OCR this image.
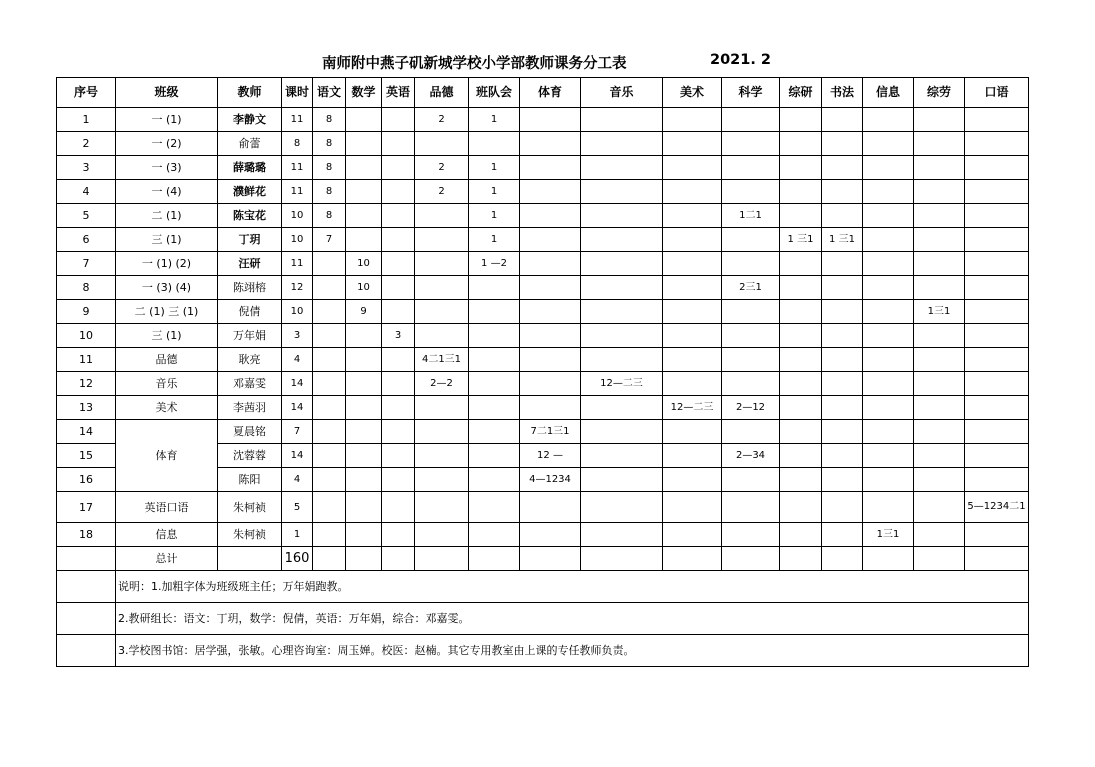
南师附中燕子矶新城学校小学部教师课务分工表	2021. 2
序号	班级	教师	课时	语文	数学	英语	品德	班队会	体育	音乐	美术	科学	综研	书法	信息	综劳	口语
1	一 (1)	李静文	11	8			2	1									
2	一 (2)	俞蕾	8	8													
3	一 (3)	薛璐璐	11	8			2	1									
4	一 (4)	濮鲜花	11	8			2	1									
5	二 (1)	陈宝花	10	8				1				1二1					
6	三 (1)	丁玥	10	7				1					1 三1	1 三1			
7	一 (1) (2)	汪研	11		10			1 —2									
8	一 (3) (4)	陈翊榕	12		10							2三1					
9	二 (1) 三 (1)	倪倩	10		9											1三1	
10	三 (1)	万年娟	3			3											
11	品德	耿亮	4				4二1三1										
12	音乐	邓嘉雯	14				2—2			12—二三							
13	美术	李茜羽	14								12—二三	2—12					
14	体育	夏晨铭	7						7二1三1								
15		沈蓉蓉	14						12 —			2—34					
16		陈阳	4						4—1234								
17	英语口语	朱柯祯	5														5—1234二1
18	信息	朱柯祯	1												1三1		
	总计		160														
	说明：1.加粗字体为班级班主任；万年娟跑教。																
	2.教研组长：语文：丁玥，数学：倪倩，英语：万年娟，综合：邓嘉雯。																
	3.学校图书馆：居学强，张敏。心理咨询室：周玉婵。校医：赵楠。其它专用教室由上课的专任教师负责。																
